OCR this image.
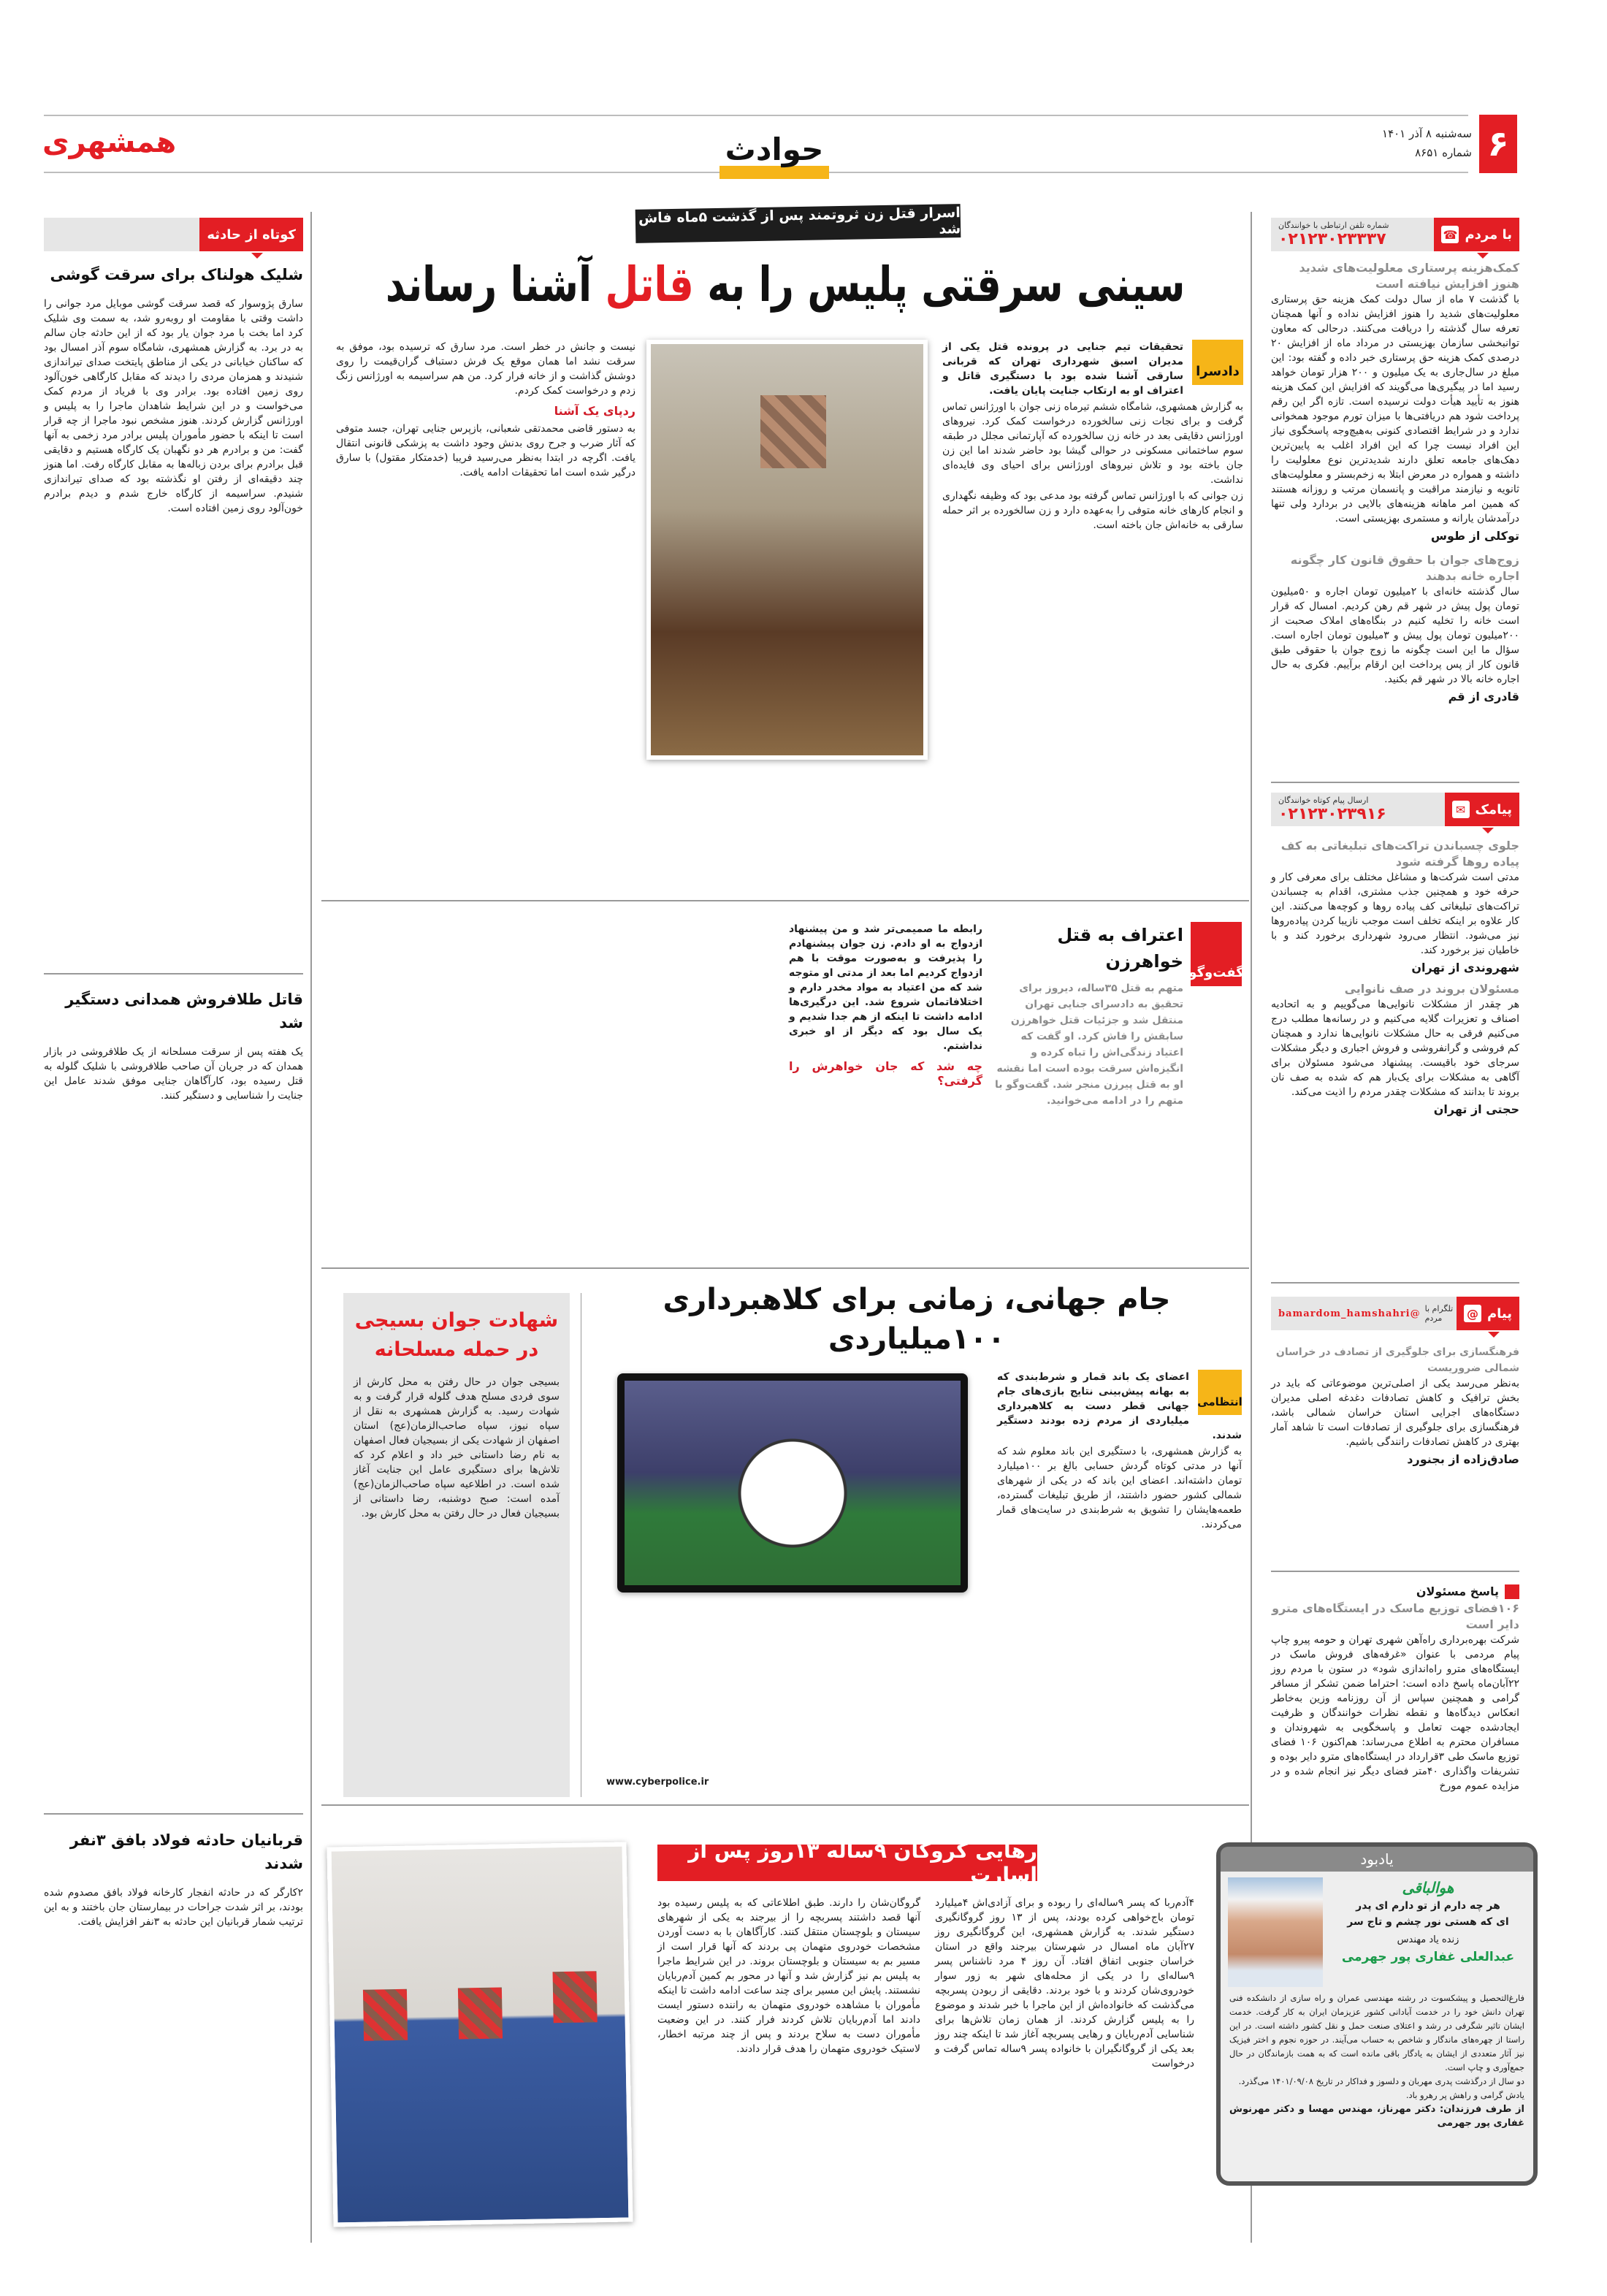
۶
سه‌شنبه ۸ آذر ۱۴۰۱
شماره ۸۶۵۱
همشهری	حوادث
اسرار قتل زن ثروتمند پس از گذشت ۵ماه فاش شد
سینی سرقتی پلیس را به قاتل آشنا رساند
دادسرا

تحقیقات تیم جنایی در پرونده قتل یکی از مدیران اسبق شهرداری تهران که قربانی سارقی آشنا شده بود با دستگیری قاتل و اعتراف او به ارتکاب جنایت پایان یافت.

به گزارش همشهری، شامگاه ششم تیرماه زنی جوان با اورژانس تماس گرفت و برای نجات زنی سالخورده درخواست کمک کرد. نیروهای اورژانس دقایقی بعد در خانه زن سالخورده که آپارتمانی مجلل در طبقه سوم ساختمانی مسکونی در حوالی گیشا بود حاضر شدند اما این زن جان باخته بود و تلاش نیروهای اورژانس برای احیای وی فایده‌ای نداشت.

زن جوانی که با اورژانس تماس گرفته بود مدعی بود که وظیفه نگهداری و انجام کارهای خانه متوفی را به‌عهده دارد و زن سالخورده بر اثر حمله سارقی به خانه‌اش جان باخته است.

نیست و جانش در خطر است. مرد سارق که ترسیده بود، موفق به سرقت نشد اما همان موقع یک فرش دستباف گران‌قیمت را روی دوشش گذاشت و از خانه فرار کرد. من هم سراسیمه به اورژانس زنگ زدم و درخواست کمک کردم.

ردپای یک آشنا

به دستور قاضی محمدتقی شعبانی، بازپرس جنایی تهران، جسد متوفی که آثار ضرب و جرح روی بدنش وجود داشت به پزشکی قانونی انتقال یافت. اگرچه در ابتدا به‌نظر می‌رسید فریبا (خدمتکار مقتول) با سارق درگیر شده است اما تحقیقات ادامه یافت.

گفت‌وگو
اعتراف به قتل خواهرزن
متهم به قتل ۳۵ساله، دیروز برای تحقیق به دادسرای جنایی تهران منتقل شد و جزئیات قتل خواهرزن سابقش را فاش کرد. او گفت که اعتیاد زندگی‌اش را تباه کرده و انگیزه‌اش سرقت بوده است اما نقشه او به قتل پیرزن منجر شد. گفت‌وگو با متهم را در ادامه می‌خوانید.

رابطه ما صمیمی‌تر شد و من پیشنهاد ازدواج به او دادم. زن جوان پیشنهادم را پذیرفت و به‌صورت موقت با هم ازدواج کردیم اما بعد از مدتی او متوجه شد که من اعتیاد به مواد مخدر دارم و اختلافاتمان شروع شد. این درگیری‌ها ادامه داشت تا اینکه از هم جدا شدیم و یک سال بود که دیگر از او خبری نداشتم.

چه شد که جان خواهرش را گرفتی؟
شهادت جوان بسیجی در حمله مسلحانه
بسیجی جوان در حال رفتن به محل کارش از سوی فردی مسلح هدف گلوله قرار گرفت و به شهادت رسید. به گزارش همشهری به نقل از سپاه نیوز، سپاه صاحب‌الزمان(عج) استان اصفهان از شهادت یکی از بسیجیان فعال اصفهان به نام رضا داستانی خبر داد و اعلام کرد که تلاش‌ها برای دستگیری عامل این جنایت آغاز شده است. در اطلاعیه سپاه صاحب‌الزمان(عج) آمده است: صبح دوشنبه، رضا داستانی از بسیجیان فعال در حال رفتن به محل کارش بود.
جام جهانی، زمانی برای کلاهبرداری ۱۰۰میلیاردی
انتظامی

اعضای یک باند قمار و شرط‌بندی که به بهانه پیش‌بینی نتایج بازی‌های جام جهانی قطر دست به کلاهبرداری میلیاردی از مردم زده بودند دستگیر شدند.

به گزارش همشهری، با دستگیری این باند معلوم شد که آنها در مدتی کوتاه گردش حسابی بالغ بر ۱۰۰میلیارد تومان داشته‌اند. اعضای این باند که در یکی از شهرهای شمالی کشور حضور داشتند، از طریق تبلیغات گسترده، طعمه‌هایشان را تشویق به شرط‌بندی در سایت‌های قمار می‌کردند.

www.cyberpolice.ir
رهایی گروگان ۹ساله ۱۳روز پس از اسارت
۴آدم‌ربا که پسر ۹ساله‌ای را ربوده و برای آزادی‌اش ۴میلیارد تومان باج‌خواهی کرده بودند، پس از ۱۳ روز گروگانگیری دستگیر شدند. به گزارش همشهری، این گروگانگیری روز ۲۷آبان ماه امسال در شهرستان بیرجند واقع در استان خراسان جنوبی اتفاق افتاد. آن روز ۴ مرد ناشناس پسر ۹ساله‌ای را در یکی از محله‌های شهر به زور سوار خودروی‌شان کردند و با خود بردند. دقایقی از ربودن پسربچه می‌گذشت که خانواده‌اش از این ماجرا با خبر شدند و موضوع را به پلیس گزارش کردند. از همان زمان تلاش‌ها برای شناسایی آدم‌ربایان و رهایی پسربچه آغاز شد تا اینکه چند روز بعد یکی از گروگانگیران با خانواده پسر ۹ساله تماس گرفت و درخواست
گروگان‌شان را دارند. طبق اطلاعاتی که به پلیس رسیده بود آنها قصد داشتند پسربچه را از بیرجند به یکی از شهرهای سیستان و بلوچستان منتقل کنند. کارآگاهان با به دست آوردن مشخصات خودروی متهمان پی بردند که آنها قرار است از مسیر بم به سیستان و بلوچستان بروند. در این شرایط ماجرا به پلیس بم نیز گزارش شد و آنها در محور بم کمین آدم‌ربایان نشستند. پایش این مسیر برای چند ساعت ادامه داشت تا اینکه مأموران با مشاهده خودروی متهمان به راننده دستور ایست دادند اما آدم‌ربایان تلاش کردند فرار کنند. در این وضعیت مأموران دست به سلاح بردند و پس از چند مرتبه اخطار، لاستیک خودروی متهمان را هدف قرار دادند.
کوتاه از حادثه
شلیک هولناک برای سرقت گوشی
سارق پژوسوار که قصد سرقت گوشی موبایل مرد جوانی را داشت وقتی با مقاومت او روبه‌رو شد، به سمت وی شلیک کرد اما بخت با مرد جوان یار بود که از این حادثه جان سالم به در برد. به گزارش همشهری، شامگاه سوم آذر امسال بود که ساکنان خیابانی در یکی از مناطق پایتخت صدای تیراندازی شنیدند و همزمان مردی را دیدند که مقابل کارگاهی خون‌آلود روی زمین افتاده بود. برادر وی با فریاد از مردم کمک می‌خواست و در این شرایط شاهدان ماجرا را به پلیس و اورژانس گزارش کردند. هنوز مشخص نبود ماجرا از چه قرار است تا اینکه با حضور مأموران پلیس برادر مرد زخمی به آنها گفت: من و برادرم هر دو نگهبان یک کارگاه هستیم و دقایقی قبل برادرم برای بردن زباله‌ها به مقابل کارگاه رفت. اما هنوز چند دقیقه‌ای از رفتن او نگذشته بود که صدای تیراندازی شنیدم. سراسیمه از کارگاه خارج شدم و دیدم برادرم خون‌آلود روی زمین افتاده است.
قاتل طلافروش همدانی دستگیر شد
یک هفته پس از سرقت مسلحانه از یک طلافروشی در بازار همدان که در جریان آن صاحب طلافروشی با شلیک گلوله به قتل رسیده بود، کارآگاهان جنایی موفق شدند عامل این جنایت را شناسایی و دستگیر کنند.
قربانیان حادثه فولاد بافق ۳نفر شدند
۲کارگر که در حادثه انفجار کارخانه فولاد بافق مصدوم شده بودند، بر اثر شدت جراحات در بیمارستان جان باختند و به این ترتیب شمار قربانیان این حادثه به ۳نفر افزایش یافت.
با مردم
☎
شماره تلفن ارتباطی با خوانندگان
۰۲۱۲۳۰۲۳۳۳۷
کمک‌هزینه پرستاری معلولیت‌های شدید هنوز افزایش نیافته است
با گذشت ۷ ماه از سال دولت کمک هزینه حق پرستاری معلولیت‌های شدید را هنوز افزایش نداده و آنها همچنان تعرفه سال گذشته را دریافت می‌کنند. درحالی که معاون توانبخشی سازمان بهزیستی در مرداد ماه از افزایش ۲۰ درصدی کمک هزینه حق پرستاری خبر داده و گفته بود: این مبلغ در سال‌جاری به یک میلیون و ۲۰۰ هزار تومان خواهد رسید اما در پیگیری‌ها می‌گویند که افزایش این کمک هزینه هنوز به تأیید هیأت دولت نرسیده است. تازه اگر این رقم پرداخت شود هم دریافتی‌ها با میزان تورم موجود همخوانی ندارد و در شرایط اقتصادی کنونی به‌هیچ‌وجه پاسخگوی نیاز این افراد نیست چرا که این افراد اغلب به پایین‌ترین دهک‌های جامعه تعلق دارند شدیدترین نوع معلولیت را داشته و همواره در معرض ابتلا به زخم‌بستر و معلولیت‌های ثانویه و نیازمند مراقبت و پانسمان مرتب و روزانه هستند که همین امر ماهانه هزینه‌های بالایی در بردارد ولی تنها درآمدشان یارانه و مستمری بهزیستی است.
توکلی از طوس
زوج‌های جوان با حقوق قانون کار چگونه اجاره خانه بدهند
سال گذشته خانه‌ای با ۲میلیون تومان اجاره و ۵۰میلیون تومان پول پیش در شهر قم رهن کردیم. امسال که قرار است خانه را تخلیه کنیم در بنگاه‌های املاک صحبت از ۲۰۰میلیون تومان پول پیش و ۳میلیون تومان اجاره است. سؤال ما این است چگونه ما زوج جوان با حقوقی طبق قانون کار از پس پرداخت این ارقام برآییم. فکری به حال اجاره خانه بالا در شهر قم بکنید.
قادری از قم
پیامک
✉
ارسال پیام کوتاه خوانندگان
۰۲۱۲۳۰۲۳۹۱۶
جلوی چسباندن تراکت‌های تبلیغاتی به کف پیاده روها گرفته شود
مدتی است شرکت‌ها و مشاغل مختلف برای معرفی کار و حرفه خود و همچنین جذب مشتری، اقدام به چسباندن تراکت‌های تبلیغاتی کف پیاده روها و کوچه‌ها می‌کنند. این کار علاوه بر اینکه تخلف است موجب نازیبا کردن پیاده‌روها نیز می‌شود. انتظار می‌رود شهرداری برخورد کند و با خاطیان نیز برخورد کند.
شهروندی از تهران
مسئولان بروند در صف نانوایی
هر چقدر از مشکلات نانوایی‌ها می‌گوییم و به اتحادیه اصناف و تعزیرات گلایه می‌کنیم و در رسانه‌ها مطلب درج می‌کنیم فرقی به حال مشکلات نانوایی‌ها ندارد و همچنان کم فروشی و گرانفروشی و فروش اجباری و دیگر مشکلات سرجای خود باقیست. پیشنهاد می‌شود مسئولان برای آگاهی به مشکلات برای یک‌بار هم که شده به صف نان بروند تا بدانند که مشکلات چقدر مردم را اذیت می‌کند.
حجتی از تهران
پیام
@
تلگرام با مردم
@bamardom_hamshahri
فرهنگسازی برای جلوگیری از تصادف در خراسان شمالی ضروریست
به‌نظر می‌رسد یکی از اصلی‌ترین موضوعاتی که باید در بخش ترافیک و کاهش تصادفات دغدغه اصلی مدیران دستگاه‌های اجرایی استان خراسان شمالی باشد، فرهنگسازی برای جلوگیری از تصادفات است تا شاهد آمار بهتری در کاهش تصادفات رانندگی باشیم.
صادق‌زاده از بجنورد
پاسخ مسئولان
۱۰۶فضای توزیع ماسک در ایستگاه‌های مترو دایر است
شرکت بهره‌برداری راه‌آهن شهری تهران و حومه پیرو چاپ پیام مردمی با عنوان «غرفه‌های فروش ماسک در ایستگاه‌های مترو راه‌اندازی شود» در ستون با مردم روز ۲۲آبان‌ماه پاسخ داده است: احتراما ضمن تشکر از مسافر گرامی و همچنین سپاس از آن روزنامه وزین به‌خاطر انعکاس دیدگاه‌ها و نقطه نظرات خوانندگان و ظرفیت ایجادشده جهت تعامل و پاسخگویی به شهروندان و مسافران محترم به اطلاع می‌رساند: هم‌اکنون ۱۰۶ فضای توزیع ماسک طی ۳قرارداد در ایستگاه‌های مترو دایر بوده و تشریفات واگذاری ۴۰متر فضای دیگر نیز انجام شده و در مزایده عموم مورخ
یادبود
هوالباقی
هر چه دارم از تو دارم ای پدر
ای که هستی نور چشم و تاج سر
زنده یاد مهندس
عبدالعلی غفاری پور جهرمی
فارغ‌التحصیل و پیشکسوت در رشته مهندسی عمران و راه سازی از دانشکده فنی تهران دانش خود را در خدمت آبادانی کشور عزیزمان ایران به کار گرفت. خدمت ایشان تاثیر شگرفی در رشد و اعتلای صنعت حمل و نقل کشور داشته است. در این راستا از چهره‌های ماندگار و شاخص به حساب می‌آیند. در حوزه نجوم و اختر فیزیک نیز آثار متعددی از ایشان به یادگار باقی مانده است که به همت بازماندگان در حال جمع‌آوری و چاپ است.
دو سال از درگذشت پدری مهربان و دلسوز و فداکار در تاریخ ۱۴۰۱/۰۹/۰۸ می‌گذرد.
یادش گرامی و راهش پر رهرو باد.
از طرف فرزندان: دکتر مهرناز، مهندس مهسا و دکتر مهرنوش غفاری پور جهرمی
